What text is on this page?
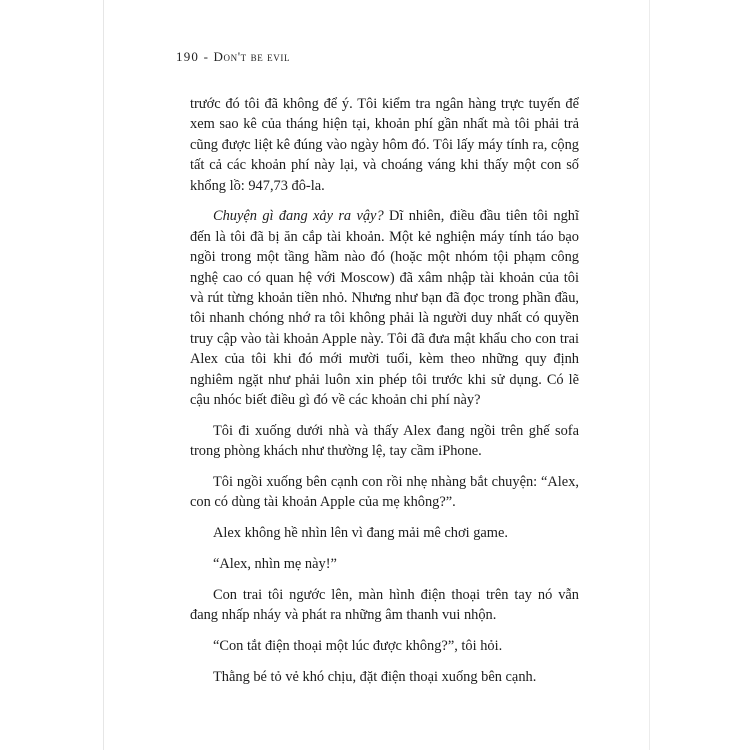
190 - Don't be evil

trước đó tôi đã không để ý. Tôi kiểm tra ngân hàng trực tuyến để xem sao kê của tháng hiện tại, khoản phí gần nhất mà tôi phải trả cũng được liệt kê đúng vào ngày hôm đó. Tôi lấy máy tính ra, cộng tất cả các khoản phí này lại, và choáng váng khi thấy một con số khổng lồ: 947,73 đô-la.

Chuyện gì đang xảy ra vậy? Dĩ nhiên, điều đầu tiên tôi nghĩ đến là tôi đã bị ăn cắp tài khoản. Một kẻ nghiện máy tính táo bạo ngồi trong một tầng hầm nào đó (hoặc một nhóm tội phạm công nghệ cao có quan hệ với Moscow) đã xâm nhập tài khoản của tôi và rút từng khoản tiền nhỏ. Nhưng như bạn đã đọc trong phần đầu, tôi nhanh chóng nhớ ra tôi không phải là người duy nhất có quyền truy cập vào tài khoản Apple này. Tôi đã đưa mật khẩu cho con trai Alex của tôi khi đó mới mười tuổi, kèm theo những quy định nghiêm ngặt như phải luôn xin phép tôi trước khi sử dụng. Có lẽ cậu nhóc biết điều gì đó về các khoản chi phí này?

Tôi đi xuống dưới nhà và thấy Alex đang ngồi trên ghế sofa trong phòng khách như thường lệ, tay cầm iPhone.

Tôi ngồi xuống bên cạnh con rồi nhẹ nhàng bắt chuyện: “Alex, con có dùng tài khoản Apple của mẹ không?”.

Alex không hề nhìn lên vì đang mải mê chơi game.

“Alex, nhìn mẹ này!”

Con trai tôi ngước lên, màn hình điện thoại trên tay nó vẫn đang nhấp nháy và phát ra những âm thanh vui nhộn.

“Con tắt điện thoại một lúc được không?”, tôi hỏi.

Thằng bé tỏ vẻ khó chịu, đặt điện thoại xuống bên cạnh.
